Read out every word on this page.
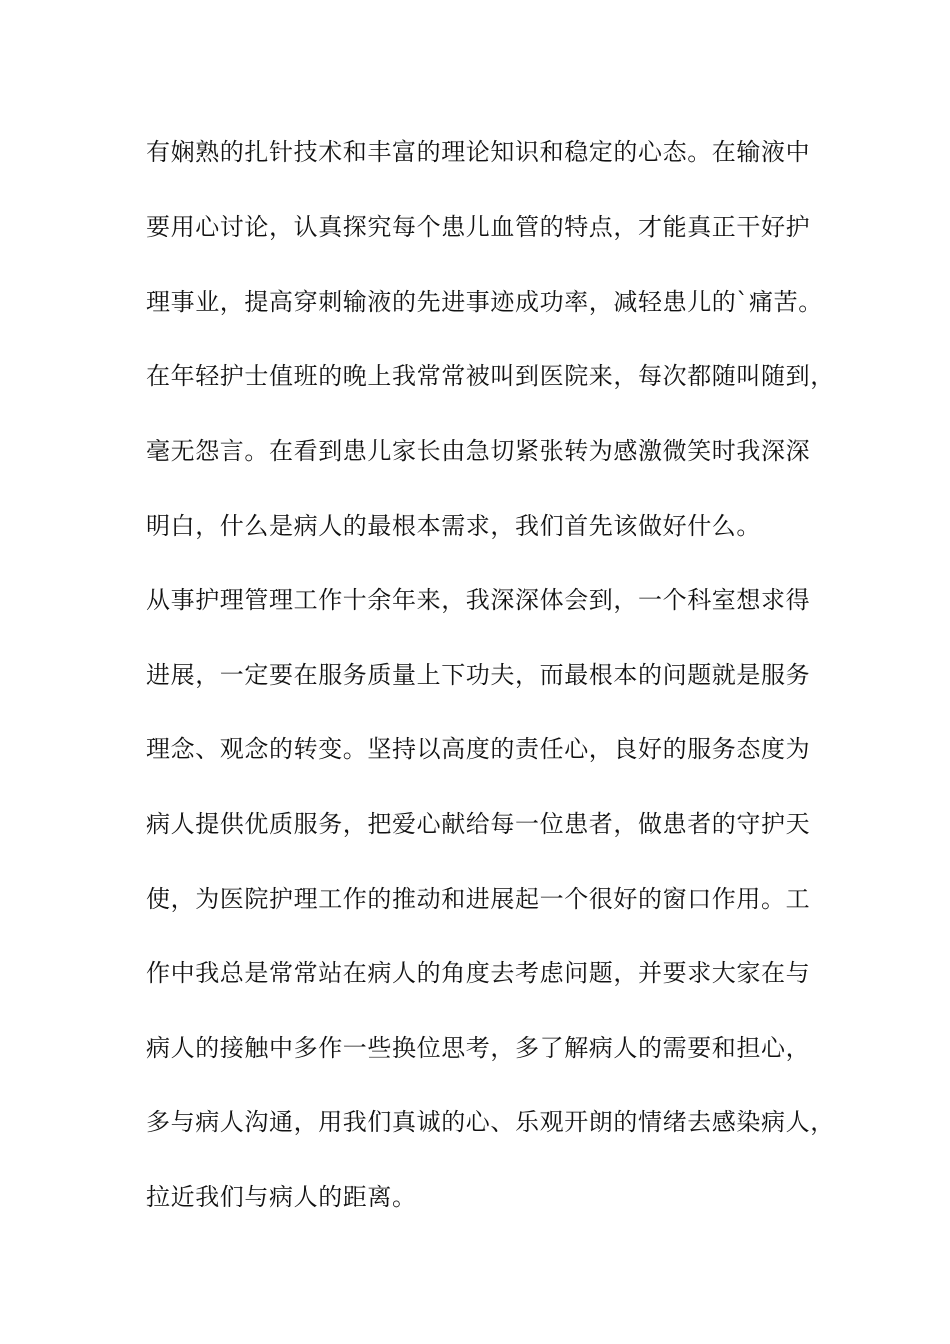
有娴熟的扎针技术和丰富的理论知识和稳定的心态。在输液中
要用心讨论，认真探究每个患儿血管的特点，才能真正干好护
理事业，提高穿刺输液的先进事迹成功率，减轻患儿的`痛苦。
在年轻护士值班的晚上我常常被叫到医院来，每次都随叫随到，
毫无怨言。在看到患儿家长由急切紧张转为感激微笑时我深深
明白，什么是病人的最根本需求，我们首先该做好什么。
从事护理管理工作十余年来，我深深体会到，一个科室想求得
进展，一定要在服务质量上下功夫，而最根本的问题就是服务
理念、观念的转变。坚持以高度的责任心，良好的服务态度为
病人提供优质服务，把爱心献给每一位患者，做患者的守护天
使，为医院护理工作的推动和进展起一个很好的窗口作用。工
作中我总是常常站在病人的角度去考虑问题，并要求大家在与
病人的接触中多作一些换位思考，多了解病人的需要和担心，
多与病人沟通，用我们真诚的心、乐观开朗的情绪去感染病人，
拉近我们与病人的距离。
